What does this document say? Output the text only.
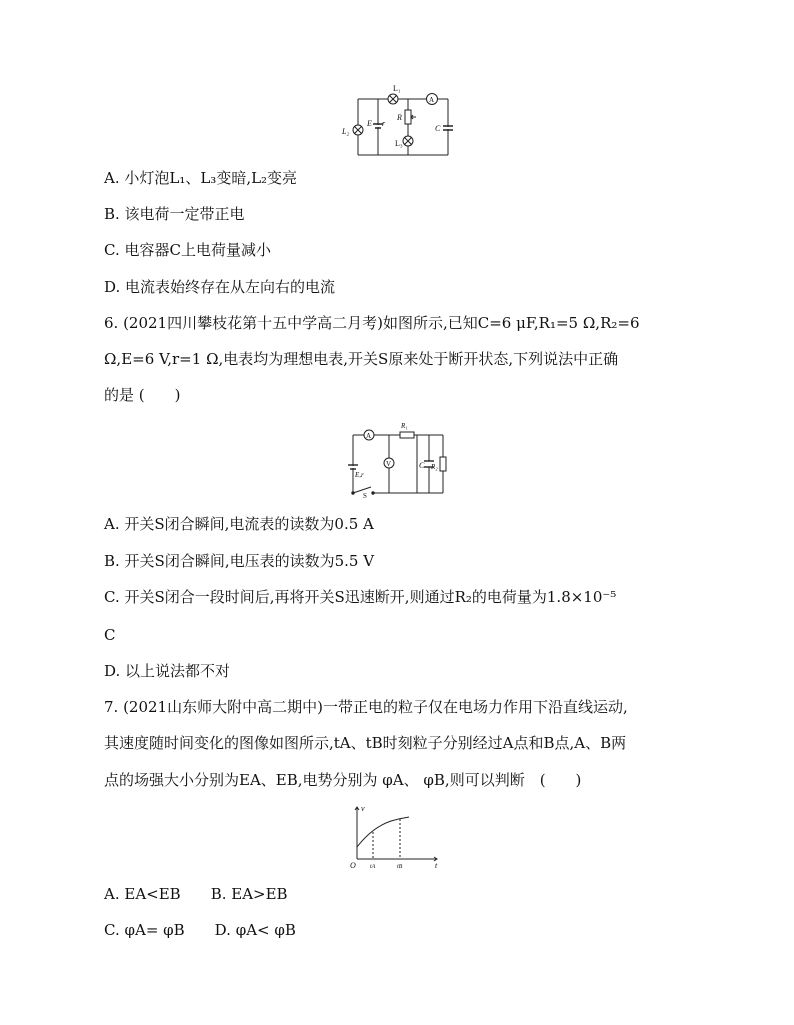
L₁
A
L₂
E r
R
L₃
C
A. 小灯泡L₁、L₃变暗,L₂变亮
B. 该电荷一定带正电
C. 电容器C上电荷量减小
D. 电流表始终存在从左向右的电流
6. (2021四川攀枝花第十五中学高二月考)如图所示,已知C=6 μF,R₁=5 Ω,R₂=6
Ω,E=6 V,r=1 Ω,电表均为理想电表,开关S原来处于断开状态,下列说法中正确
的是 (　　)
A
R₁
V	C R₂
E,r
S
A. 开关S闭合瞬间,电流表的读数为0.5 A
B. 开关S闭合瞬间,电压表的读数为5.5 V
C. 开关S闭合一段时间后,再将开关S迅速断开,则通过R₂的电荷量为1.8×10⁻⁵
C
D. 以上说法都不对
7. (2021山东师大附中高二期中)一带正电的粒子仅在电场力作用下沿直线运动,
其速度随时间变化的图像如图所示,tA、tB时刻粒子分别经过A点和B点,A、B两
点的场强大小分别为EA、EB,电势分别为 φA、 φB,则可以判断　(　　)
v
t
O tA	tB
A. EA<EB　　B. EA>EB
C. φA= φB　　D. φA< φB
